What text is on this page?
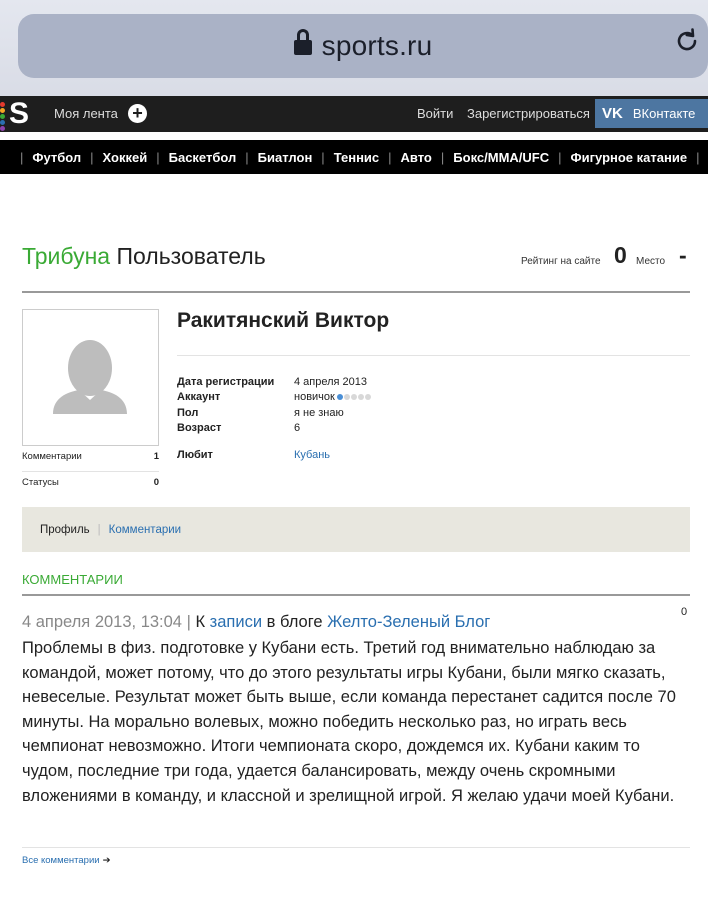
sports.ru
S Моя лента +	Войти Зарегистрироваться VK ВКонтакте
| Футбол | Хоккей | Баскетбол | Биатлон | Теннис | Авто | Бокс/ММА/UFC | Фигурное катание | К
Трибуна Пользователь	Рейтинг на сайте 0 Место -
Комментарии	1
Статусы	0
Ракитянский Виктор
Дата регистрации	4 апреля 2013
Аккаунт	новичок
Пол	я не знаю
Возраст	6
Любит	Кубань
Профиль | Комментарии
КОММЕНТАРИИ
4 апреля 2013, 13:04 | К записи в блоге Желто-Зеленый Блог
0
Проблемы в физ. подготовке у Кубани есть. Третий год внимательно наблюдаю за командой, может потому, что до этого результаты игры Кубани, были мягко сказать, невеселые. Результат может быть выше, если команда перестанет садится после 70 минуты. На морально волевых, можно победить несколько раз, но играть весь чемпионат невозможно. Итоги чемпионата скоро, дождемся их. Кубани каким то чудом, последние три года, удается балансировать, между очень скромными вложениями в команду, и классной и зрелищной игрой. Я желаю удачи моей Кубани.
Все комментарии ➔
